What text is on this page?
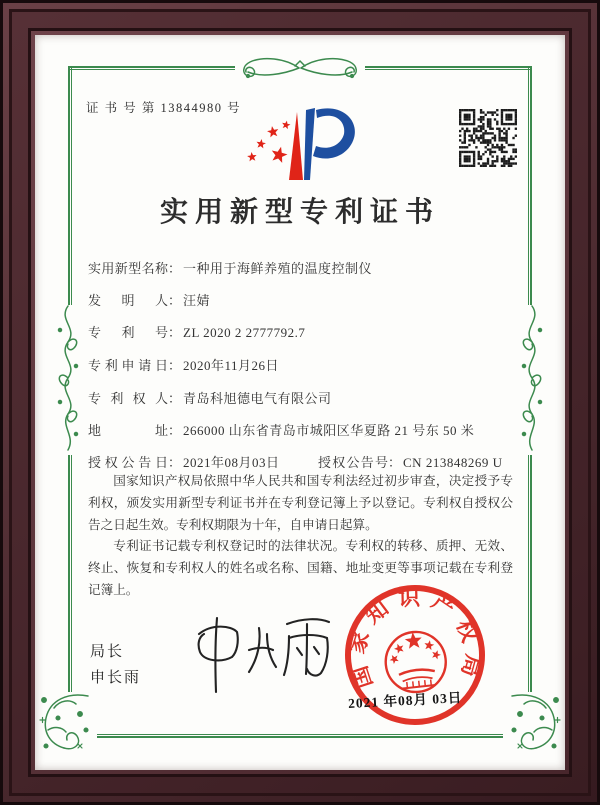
证 书 号 第 13844980 号
实用新型专利证书
实用新型名称： 一种用于海鲜养殖的温度控制仪
发明人： 汪婧
专利号： ZL 2020 2 2777792.7
专利申请日： 2020年11月26日
专利权人： 青岛科旭德电气有限公司
地址： 266000 山东省青岛市城阳区华夏路 21 号东 50 米
授权公告日： 2021年08月03日	授权公告号： CN 213848269 U

国家知识产权局依照中华人民共和国专利法经过初步审查，决定授予专利权，颁发实用新型专利证书并在专利登记簿上予以登记。专利权自授权公告之日起生效。专利权期限为十年，自申请日起算。

专利证书记载专利权登记时的法律状况。专利权的转移、质押、无效、终止、恢复和专利权人的姓名或名称、国籍、地址变更等事项记载在专利登记簿上。

局长
申长雨	国家知识产权局
2021 年08月 03日
